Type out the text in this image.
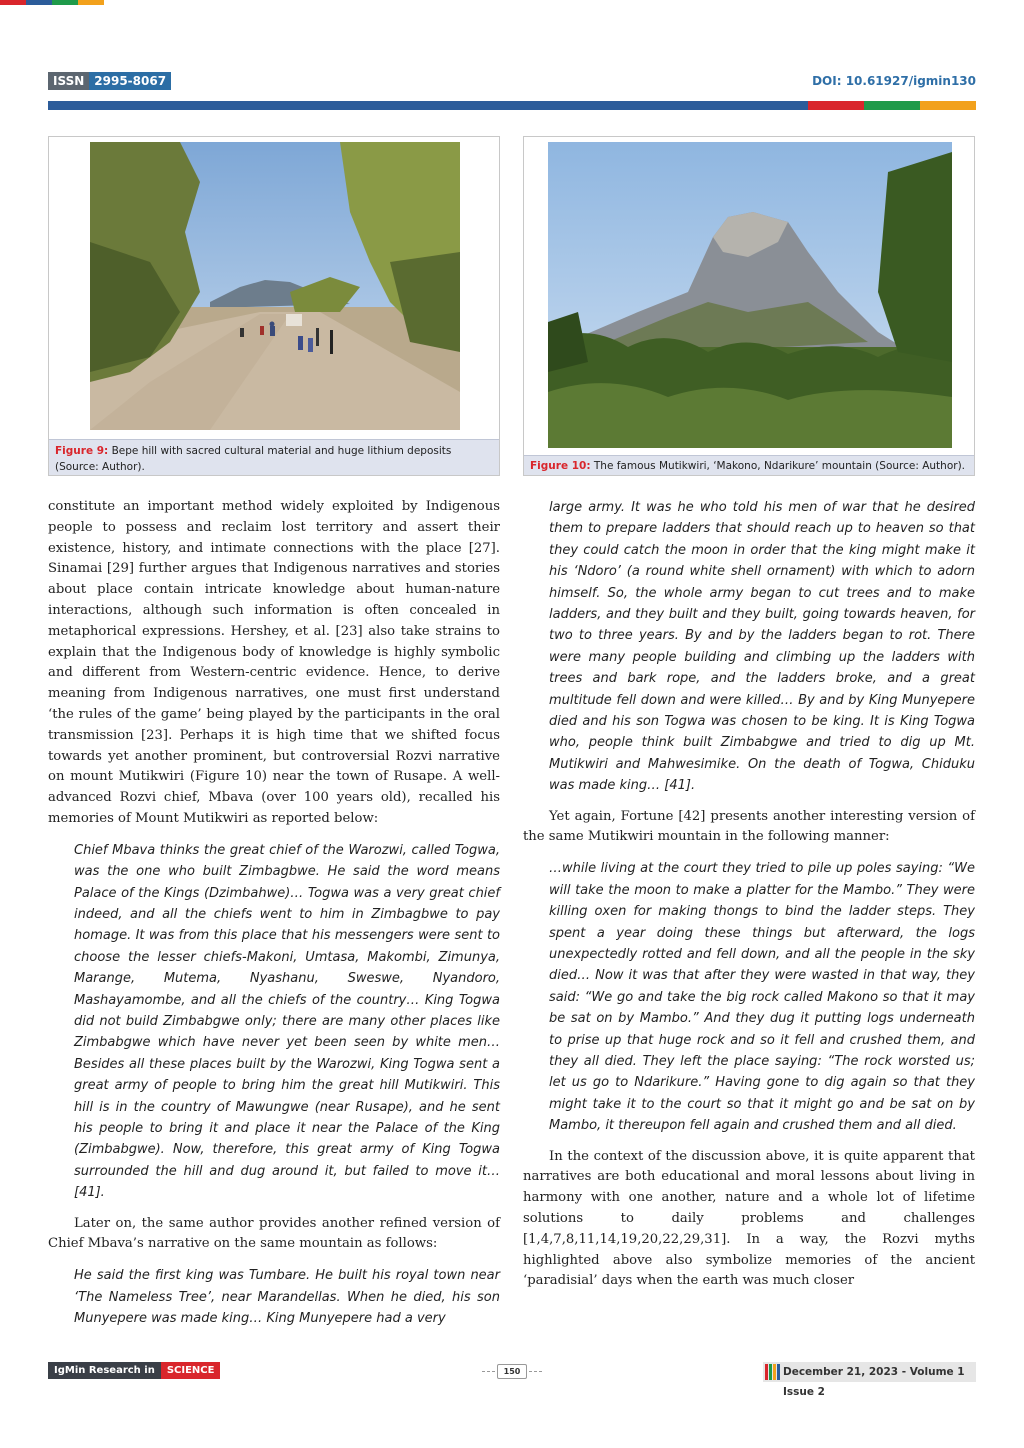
ISSN 2995-8067	DOI: 10.61927/igmin130
Figure 9: Bepe hill with sacred cultural material and huge lithium deposits (Source: Author).	Figure 10: The famous Mutikwiri, ‘Makono, Ndarikure’ mountain (Source: Author).

constitute an important method widely exploited by Indigenous people to possess and reclaim lost territory and assert their existence, history, and intimate connections with the place [27]. Sinamai [29] further argues that Indigenous narratives and stories about place contain intricate knowledge about human-nature interactions, although such information is often concealed in metaphorical expressions. Hershey, et al. [23] also take strains to explain that the Indigenous body of knowledge is highly symbolic and different from Western-centric evidence. Hence, to derive meaning from Indigenous narratives, one must first understand ‘the rules of the game’ being played by the participants in the oral transmission [23]. Perhaps it is high time that we shifted focus towards yet another prominent, but controversial Rozvi narrative on mount Mutikwiri (Figure 10) near the town of Rusape. A well-advanced Rozvi chief, Mbava (over 100 years old), recalled his memories of Mount Mutikwiri as reported below:

Chief Mbava thinks the great chief of the Warozwi, called Togwa, was the one who built Zimbagbwe. He said the word means Palace of the Kings (Dzimbahwe)… Togwa was a very great chief indeed, and all the chiefs went to him in Zimbagbwe to pay homage. It was from this place that his messengers were sent to choose the lesser chiefs-Makoni, Umtasa, Makombi, Zimunya, Marange, Mutema, Nyashanu, Sweswe, Nyandoro, Mashayamombe, and all the chiefs of the country… King Togwa did not build Zimbabgwe only; there are many other places like Zimbabgwe which have never yet been seen by white men… Besides all these places built by the Warozwi, King Togwa sent a great army of people to bring him the great hill Mutikwiri. This hill is in the country of Mawungwe (near Rusape), and he sent his people to bring it and place it near the Palace of the King (Zimbabgwe). Now, therefore, this great army of King Togwa surrounded the hill and dug around it, but failed to move it… [41].

Later on, the same author provides another refined version of Chief Mbava’s narrative on the same mountain as follows:

He said the first king was Tumbare. He built his royal town near ‘The Nameless Tree’, near Marandellas. When he died, his son Munyepere was made king… King Munyepere had a very
large army. It was he who told his men of war that he desired them to prepare ladders that should reach up to heaven so that they could catch the moon in order that the king might make it his ‘Ndoro’ (a round white shell ornament) with which to adorn himself. So, the whole army began to cut trees and to make ladders, and they built and they built, going towards heaven, for two to three years. By and by the ladders began to rot. There were many people building and climbing up the ladders with trees and bark rope, and the ladders broke, and a great multitude fell down and were killed… By and by King Munyepere died and his son Togwa was chosen to be king. It is King Togwa who, people think built Zimbabgwe and tried to dig up Mt. Mutikwiri and Mahwesimike. On the death of Togwa, Chiduku was made king… [41].

Yet again, Fortune [42] presents another interesting version of the same Mutikwiri mountain in the following manner:

…while living at the court they tried to pile up poles saying: “We will take the moon to make a platter for the Mambo.” They were killing oxen for making thongs to bind the ladder steps. They spent a year doing these things but afterward, the logs unexpectedly rotted and fell down, and all the people in the sky died… Now it was that after they were wasted in that way, they said: “We go and take the big rock called Makono so that it may be sat on by Mambo.” And they dug it putting logs underneath to prise up that huge rock and so it fell and crushed them, and they all died. They left the place saying: “The rock worsted us; let us go to Ndarikure.” Having gone to dig again so that they might take it to the court so that it might go and be sat on by Mambo, it thereupon fell again and crushed them and all died.

In the context of the discussion above, it is quite apparent that narratives are both educational and moral lessons about living in harmony with one another, nature and a whole lot of lifetime solutions to daily problems and challenges [1,4,7,8,11,14,19,20,22,29,31]. In a way, the Rozvi myths highlighted above also symbolize memories of the ancient ‘paradisial’ days when the earth was much closer

IgMin Research in	SCIENCE	150	December 21, 2023 - Volume 1 Issue 2
